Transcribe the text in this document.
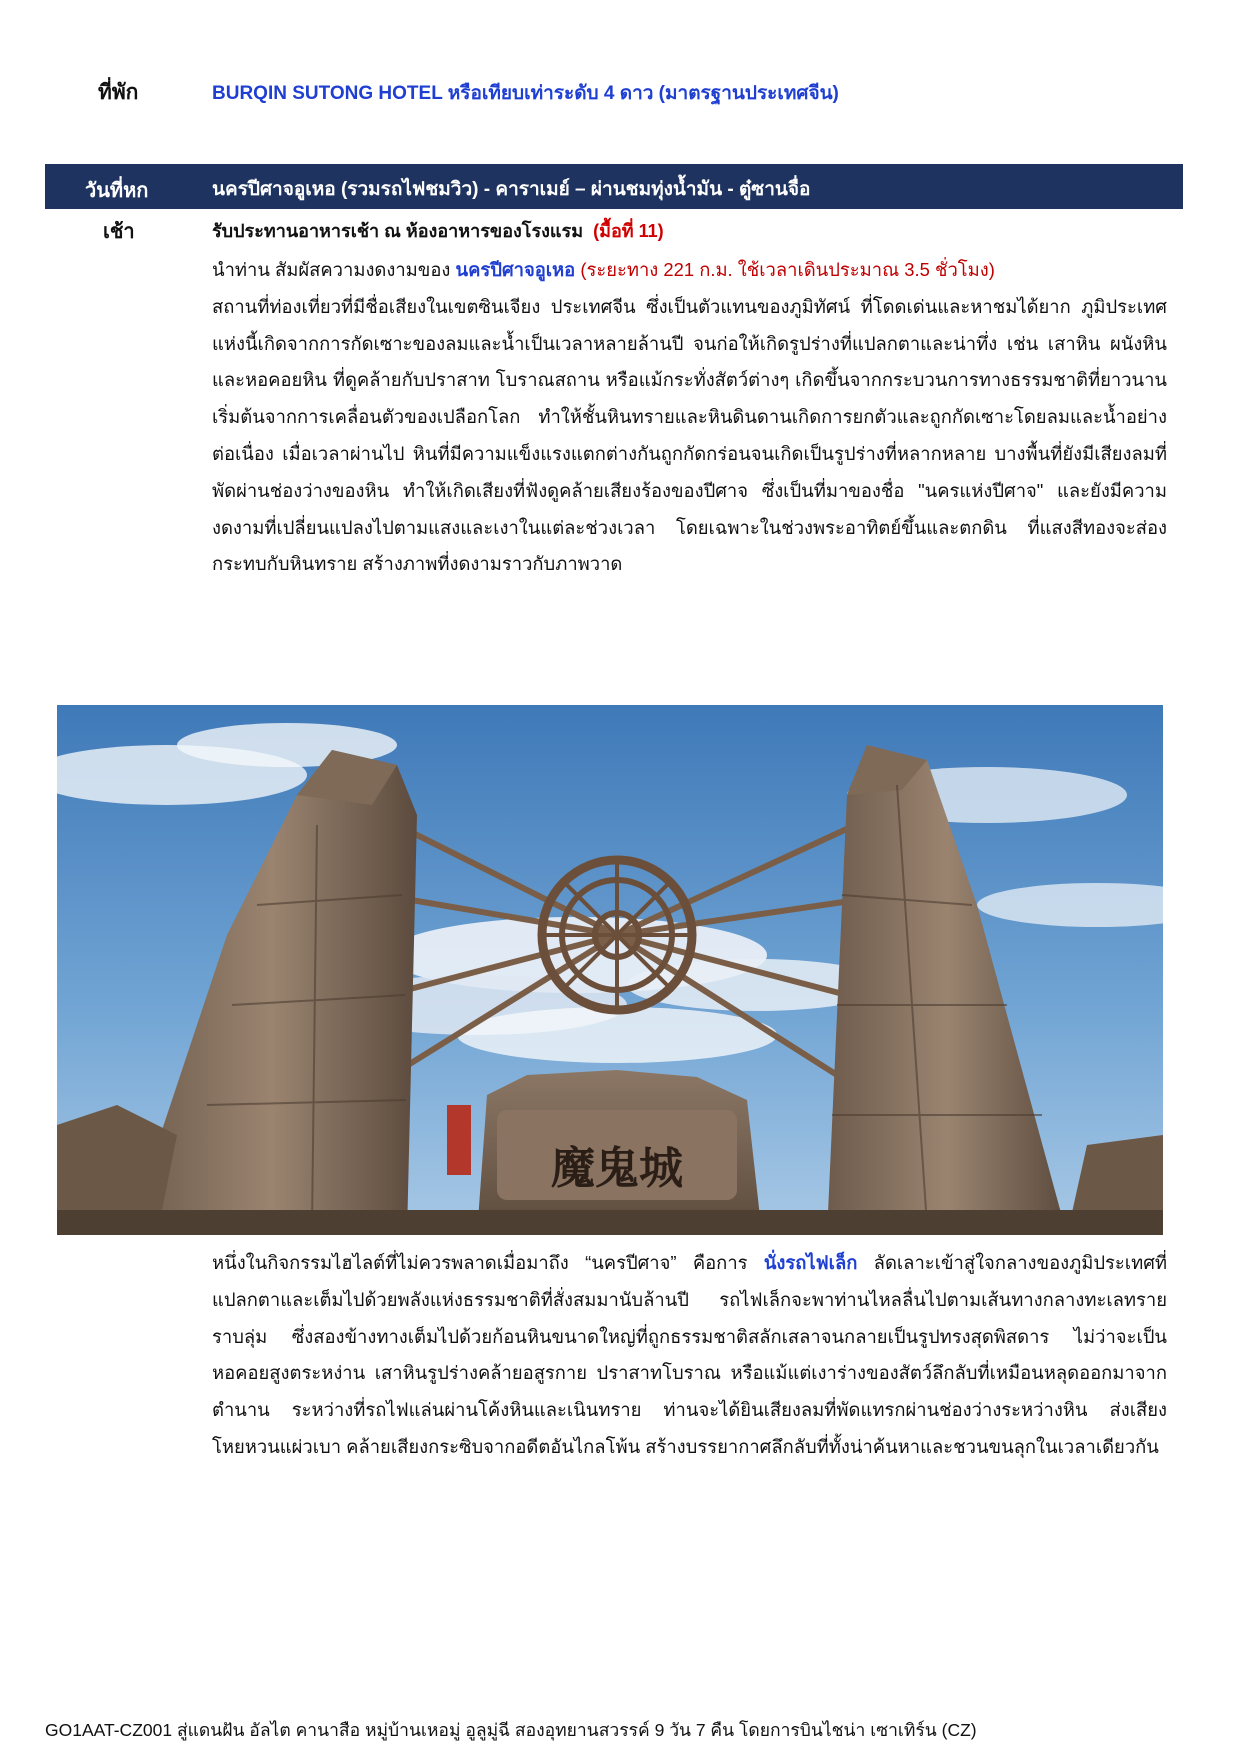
ที่พัก	BURQIN SUTONG HOTEL หรือเทียบเท่าระดับ 4 ดาว (มาตรฐานประเทศจีน)
วันที่หก	นครปีศาจอูเหอ (รวมรถไฟชมวิว) - คาราเมย์ – ผ่านชมทุ่งน้ำมัน - ตู๋ซานจื่อ
เช้า	รับประทานอาหารเช้า ณ ห้องอาหารของโรงแรม (มื้อที่ 11)

นำท่าน สัมผัสความงดงามของ นครปีศาจอูเหอ (ระยะทาง 221 ก.ม. ใช้เวลาเดินประมาณ 3.5 ชั่วโมง)
สถานที่ท่องเที่ยวที่มีชื่อเสียงในเขตซินเจียง ประเทศจีน ซึ่งเป็นตัวแทนของภูมิทัศน์ ที่โดดเด่นและหาชมได้ยาก ภูมิประเทศแห่งนี้เกิดจากการกัดเซาะของลมและน้ำเป็นเวลาหลายล้านปี จนก่อให้เกิดรูปร่างที่แปลกตาและน่าทึ่ง เช่น เสาหิน ผนังหิน และหอคอยหิน ที่ดูคล้ายกับปราสาท โบราณสถาน หรือแม้กระทั่งสัตว์ต่างๆ เกิดขึ้นจากกระบวนการทางธรรมชาติที่ยาวนาน เริ่มต้นจากการเคลื่อนตัวของเปลือกโลก ทำให้ชั้นหินทรายและหินดินดานเกิดการยกตัวและถูกกัดเซาะโดยลมและน้ำอย่างต่อเนื่อง เมื่อเวลาผ่านไป หินที่มีความแข็งแรงแตกต่างกันถูกกัดกร่อนจนเกิดเป็นรูปร่างที่หลากหลาย บางพื้นที่ยังมีเสียงลมที่พัดผ่านช่องว่างของหิน ทำให้เกิดเสียงที่ฟังดูคล้ายเสียงร้องของปีศาจ ซึ่งเป็นที่มาของชื่อ "นครแห่งปีศาจ" และยังมีความงดงามที่เปลี่ยนแปลงไปตามแสงและเงาในแต่ละช่วงเวลา โดยเฉพาะในช่วงพระอาทิตย์ขึ้นและตกดิน ที่แสงสีทองจะส่องกระทบกับหินทราย สร้างภาพที่งดงามราวกับภาพวาด

魔鬼城

หนึ่งในกิจกรรมไฮไลต์ที่ไม่ควรพลาดเมื่อมาถึง “นครปีศาจ” คือการ นั่งรถไฟเล็ก ลัดเลาะเข้าสู่ใจกลางของภูมิประเทศที่แปลกตาและเต็มไปด้วยพลังแห่งธรรมชาติที่สั่งสมมานับล้านปี รถไฟเล็กจะพาท่านไหลลื่นไปตามเส้นทางกลางทะเลทรายราบลุ่ม ซึ่งสองข้างทางเต็มไปด้วยก้อนหินขนาดใหญ่ที่ถูกธรรมชาติสลักเสลาจนกลายเป็นรูปทรงสุดพิสดาร ไม่ว่าจะเป็นหอคอยสูงตระหง่าน เสาหินรูปร่างคล้ายอสูรกาย ปราสาทโบราณ หรือแม้แต่เงาร่างของสัตว์ลึกลับที่เหมือนหลุดออกมาจากตำนาน ระหว่างที่รถไฟแล่นผ่านโค้งหินและเนินทราย ท่านจะได้ยินเสียงลมที่พัดแทรกผ่านช่องว่างระหว่างหิน ส่งเสียงโหยหวนแผ่วเบา คล้ายเสียงกระซิบจากอดีตอันไกลโพ้น สร้างบรรยากาศลึกลับที่ทั้งน่าค้นหาและชวนขนลุกในเวลาเดียวกัน

GO1AAT-CZ001 สู่แดนฝัน อัลไต คานาสือ หมู่บ้านเหอมู่ อูลูมู่ฉี สองอุทยานสวรรค์ 9 วัน 7 คืน โดยการบินไชน่า เซาเทิร์น (CZ)
